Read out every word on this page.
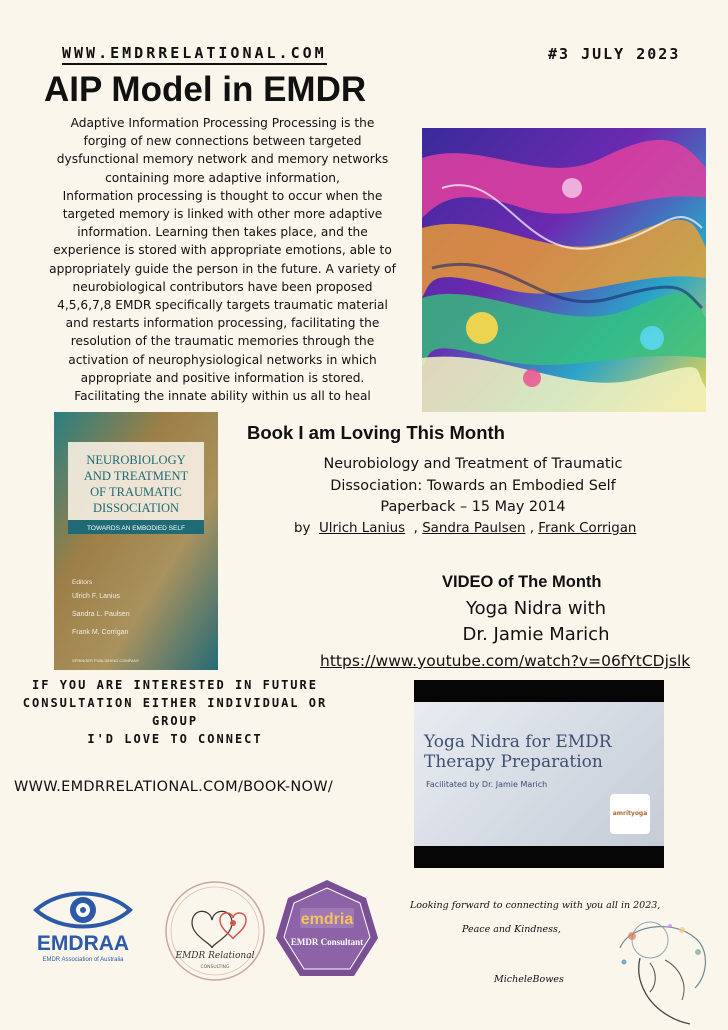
WWW.EMDRRELATIONAL.COM	#3 JULY 2023
AIP Model in EMDR
Adaptive Information Processing Processing is the
forging of new connections between targeted
dysfunctional memory network and memory networks
containing more adaptive information,
Information processing is thought to occur when the
targeted memory is linked with other more adaptive
information. Learning then takes place, and the
experience is stored with appropriate emotions, able to
appropriately guide the person in the future. A variety of
neurobiological contributors have been proposed
4,5,6,7,8 EMDR specifically targets traumatic material
and restarts information processing, facilitating the
resolution of the traumatic memories through the
activation of neurophysiological networks in which
appropriate and positive information is stored.
Facilitating the innate ability within us all to heal
NEUROBIOLOGY
AND TREATMENT
OF TRAUMATIC
DISSOCIATION
TOWARDS AN EMBODIED SELF
Editors
Ulrich F. Lanius
Sandra L. Paulsen
Frank M. Corrigan
SPRINGER PUBLISHING COMPANY
Book I am Loving This Month
Neurobiology and Treatment of Traumatic
Dissociation: Towards an Embodied Self
Paperback – 15 May 2014
by Ulrich Lanius  , Sandra Paulsen , Frank Corrigan
VIDEO of The Month
Yoga Nidra with
Dr. Jamie Marich
https://www.youtube.com/watch?v=06fYtCDjslk
IF YOU ARE INTERESTED IN FUTURE
CONSULTATION EITHER INDIVIDUAL OR
GROUP
I'D LOVE TO CONNECT
WWW.EMDRRELATIONAL.COM/BOOK-NOW/
Yoga Nidra for EMDR
Therapy Preparation
Facilitated by Dr. Jamie Marich
amrityoga
EMDRAA
EMDR Association of Australia	EMDR Relational
CONSULTING
emdria
EMDR Consultant
Looking forward to connecting with you all in 2023,
Peace and Kindness,
MicheleBowes
